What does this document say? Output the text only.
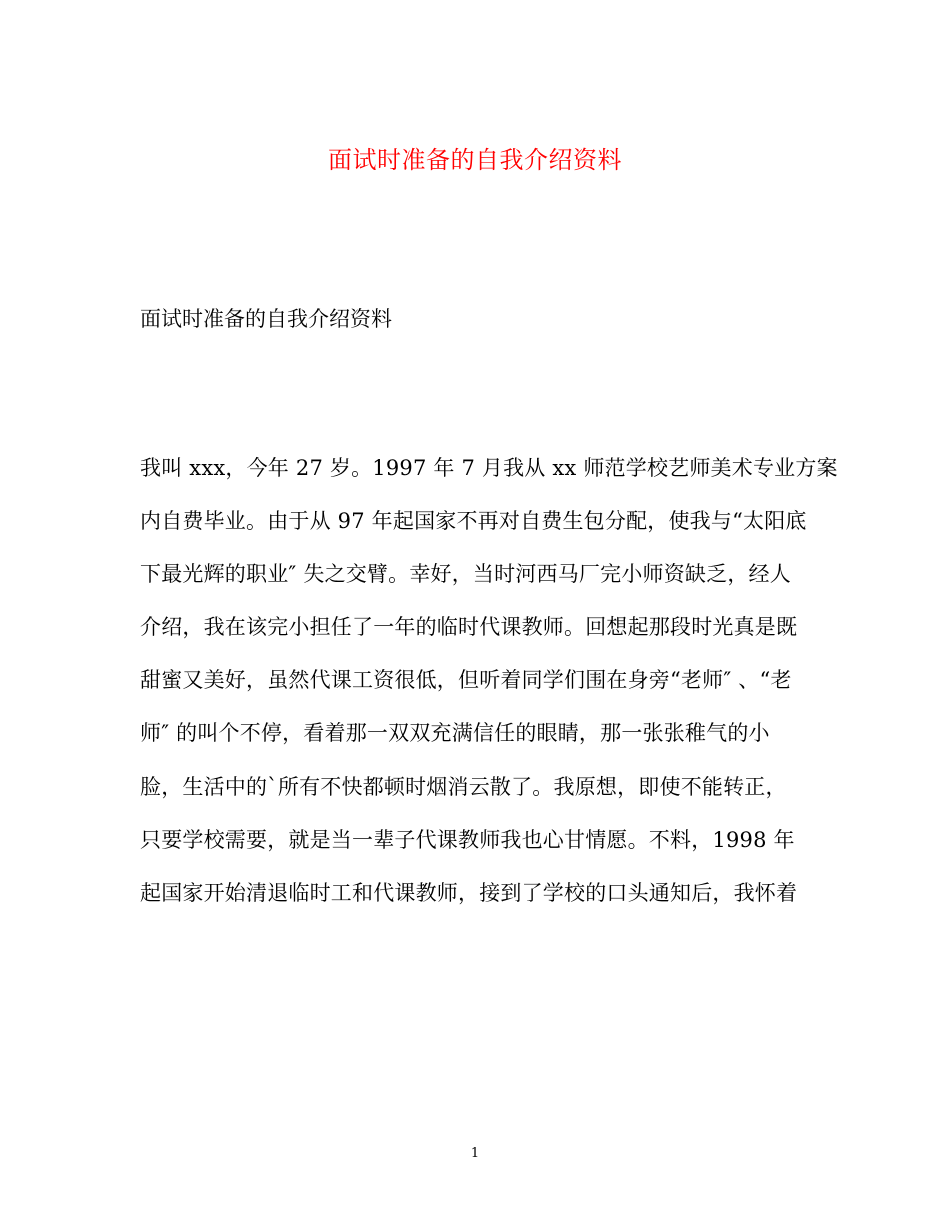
面试时准备的自我介绍资料
面试时准备的自我介绍资料
我叫 xxx，今年 27 岁。1997 年 7 月我从 xx 师范学校艺师美术专业方案
内自费毕业。由于从 97 年起国家不再对自费生包分配，使我与“太阳底
下最光辉的职业″ 失之交臂。幸好，当时河西马厂完小师资缺乏，经人
介绍，我在该完小担任了一年的临时代课教师。回想起那段时光真是既
甜蜜又美好，虽然代课工资很低，但听着同学们围在身旁“老师″ 、“老
师″ 的叫个不停，看着那一双双充满信任的眼睛，那一张张稚气的小
脸，生活中的`所有不快都顿时烟消云散了。我原想，即使不能转正，
只要学校需要，就是当一辈子代课教师我也心甘情愿。不料，1998 年
起国家开始清退临时工和代课教师，接到了学校的口头通知后，我怀着
1
